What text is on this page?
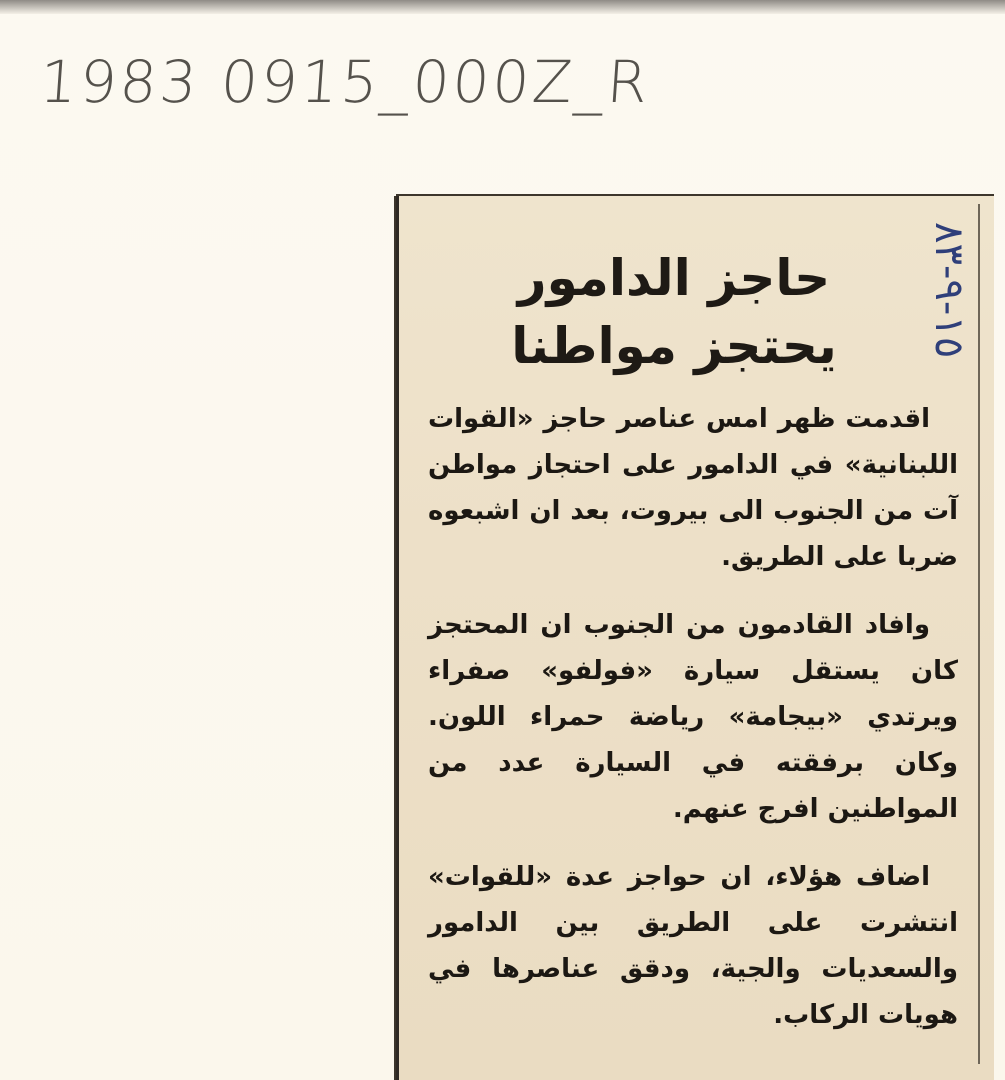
1983 0915_000Z_R
١٥-٩-٨٣
حاجز الدامور
يحتجز مواطنا

اقدمت ظهر امس عناصر حاجز «القوات اللبنانية» في الدامور على احتجاز مواطن آت من الجنوب الى بيروت، بعد ان اشبعوه ضربا على الطريق.

وافاد القادمون من الجنوب ان المحتجز كان يستقل سيارة «فولفو» صفراء ويرتدي «بيجامة» رياضة حمراء اللون. وكان برفقته في السيارة عدد من المواطنين افرج عنهم.

اضاف هؤلاء، ان حواجز عدة «للقوات» انتشرت على الطريق بين الدامور والسعديات والجية، ودقق عناصرها في هويات الركاب.
